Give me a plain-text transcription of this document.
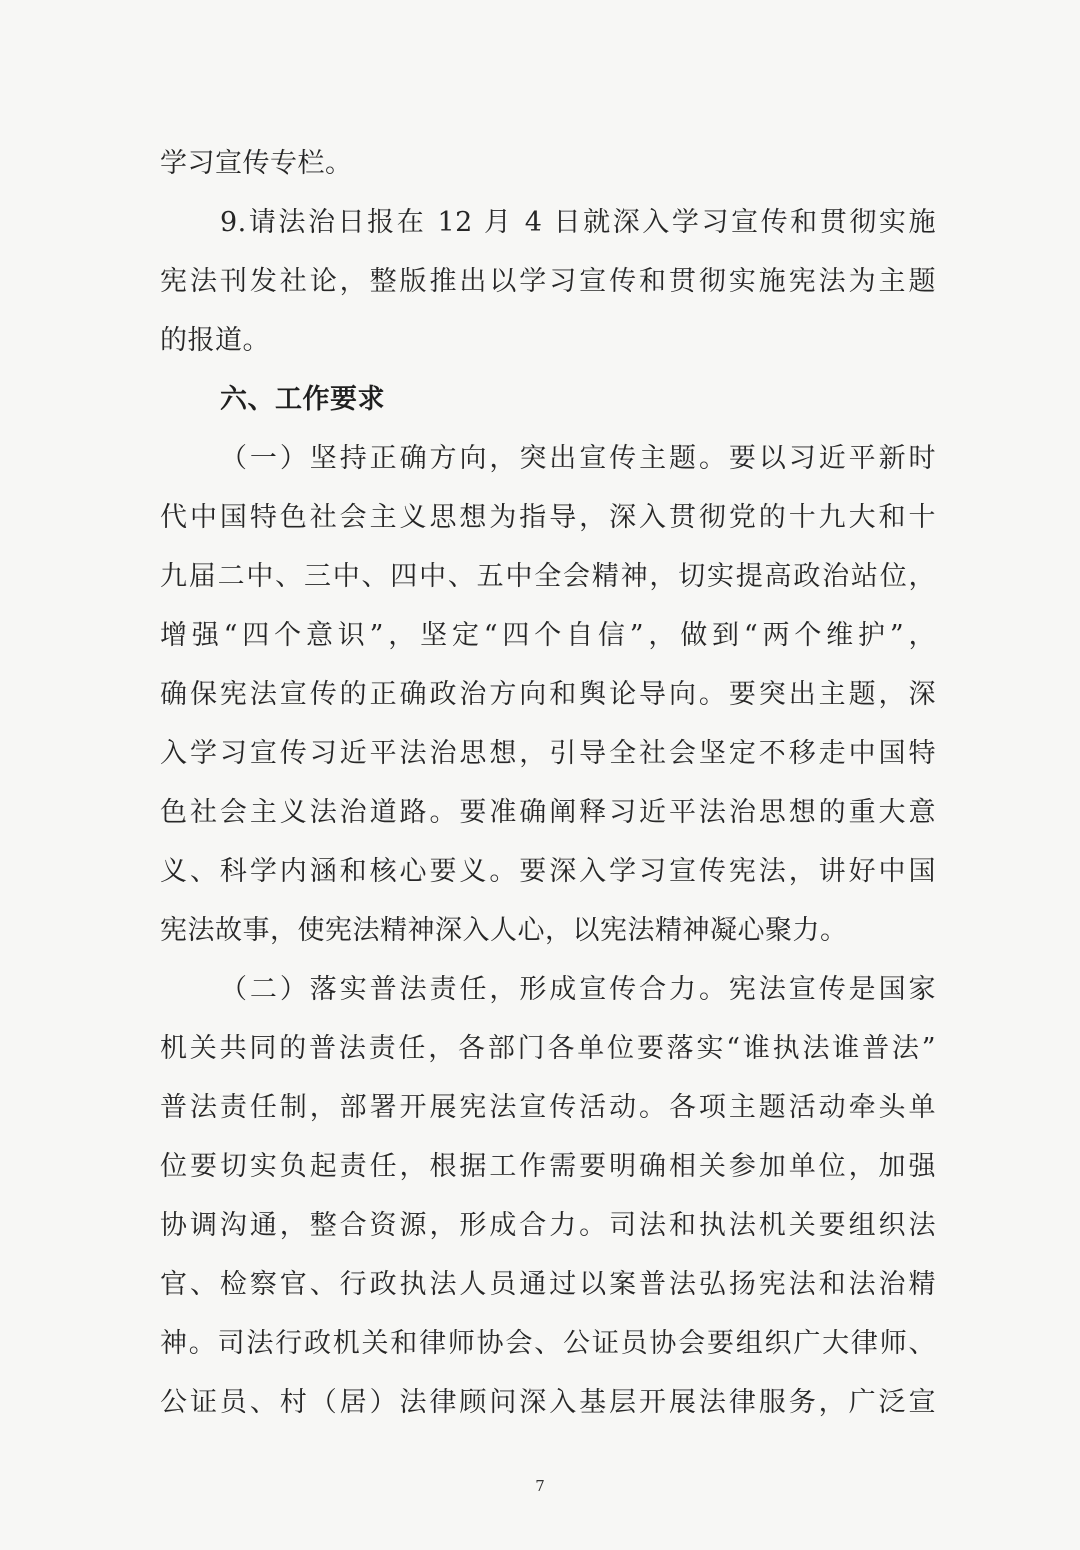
学习宣传专栏。
9.请法治日报在 12 月 4 日就深入学习宣传和贯彻实施
宪法刊发社论，整版推出以学习宣传和贯彻实施宪法为主题
的报道。
六、工作要求
（一）坚持正确方向，突出宣传主题。要以习近平新时
代中国特色社会主义思想为指导，深入贯彻党的十九大和十
九届二中、三中、四中、五中全会精神，切实提高政治站位，
增强“四个意识”，坚定“四个自信”，做到“两个维护”，
确保宪法宣传的正确政治方向和舆论导向。要突出主题，深
入学习宣传习近平法治思想，引导全社会坚定不移走中国特
色社会主义法治道路。要准确阐释习近平法治思想的重大意
义、科学内涵和核心要义。要深入学习宣传宪法，讲好中国
宪法故事，使宪法精神深入人心，以宪法精神凝心聚力。
（二）落实普法责任，形成宣传合力。宪法宣传是国家
机关共同的普法责任，各部门各单位要落实“谁执法谁普法”
普法责任制，部署开展宪法宣传活动。各项主题活动牵头单
位要切实负起责任，根据工作需要明确相关参加单位，加强
协调沟通，整合资源，形成合力。司法和执法机关要组织法
官、检察官、行政执法人员通过以案普法弘扬宪法和法治精
神。司法行政机关和律师协会、公证员协会要组织广大律师、
公证员、村（居）法律顾问深入基层开展法律服务，广泛宣
7
